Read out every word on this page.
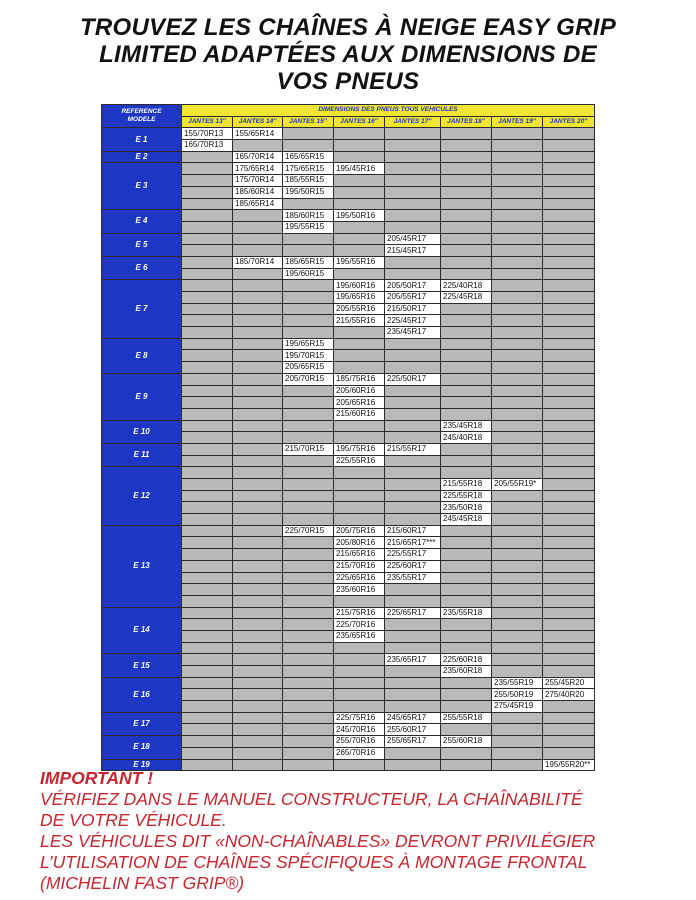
TROUVEZ LES CHAÎNES À NEIGE EASY GRIP
LIMITED ADAPTÉES AUX DIMENSIONS DE
VOS PNEUS
REFERENCE
MODELE	DIMENSIONS DES PNEUS TOUS VEHICULES							
	JANTES 13''	JANTES 14''	JANTES 15''	JANTES 16''	JANTES 17''	JANTES 18''	JANTES 19''	JANTES 20''
E 1	155/70R13	155/65R14						
	165/70R13							
E 2		165/70R14	165/65R15					
E 3		175/65R14	175/65R15	195/45R16				
		175/70R14	185/55R15					
		185/60R14	195/50R15					
		185/65R14						
E 4			185/60R15	195/50R16				
			195/55R15					
E 5					205/45R17			
					215/45R17			
E 6		185/70R14	185/65R15	195/55R16				
			195/60R15					
E 7				195/60R16	205/50R17	225/40R18		
				195/65R16	205/55R17	225/45R18		
				205/55R16	215/50R17			
				215/55R16	225/45R17			
					235/45R17			
E 8			195/65R15					
			195/70R15					
			205/65R15					
E 9			205/70R15	185/75R16	225/50R17			
				205/60R16				
				205/65R16				
				215/60R16				
E 10						235/45R18		
						245/40R18		
E 11			215/70R15	195/75R16	215/55R17			
				225/55R16				
E 12								
						215/55R18	205/55R19*	
						225/55R18		
						235/50R18		
						245/45R18		
E 13			225/70R15	205/75R16	215/60R17			
				205/80R16	215/65R17***			
				215/65R16	225/55R17			
				215/70R16	225/60R17			
				225/65R16	235/55R17			
				235/60R16				

E 14				215/75R16	225/65R17	235/55R18		
				225/70R16				
				235/65R16				

E 15					235/65R17	225/60R18		
						235/60R18		
E 16							235/55R19	255/45R20
							255/50R19	275/40R20
							275/45R19	
E 17				225/75R16	245/65R17	255/55R18		
				245/70R16	255/60R17			
E 18				255/70R16	255/65R17	255/60R18		
				265/70R16				
E 19								195/55R20**
IMPORTANT !
VÉRIFIEZ DANS LE MANUEL CONSTRUCTEUR, LA CHAÎNABILITÉ
DE VOTRE VÉHICULE.
LES VÉHICULES DIT «NON-CHAÎNABLES» DEVRONT PRIVILÉGIER
L’UTILISATION DE CHAÎNES SPÉCIFIQUES À MONTAGE FRONTAL
(MICHELIN FAST GRIP®)
